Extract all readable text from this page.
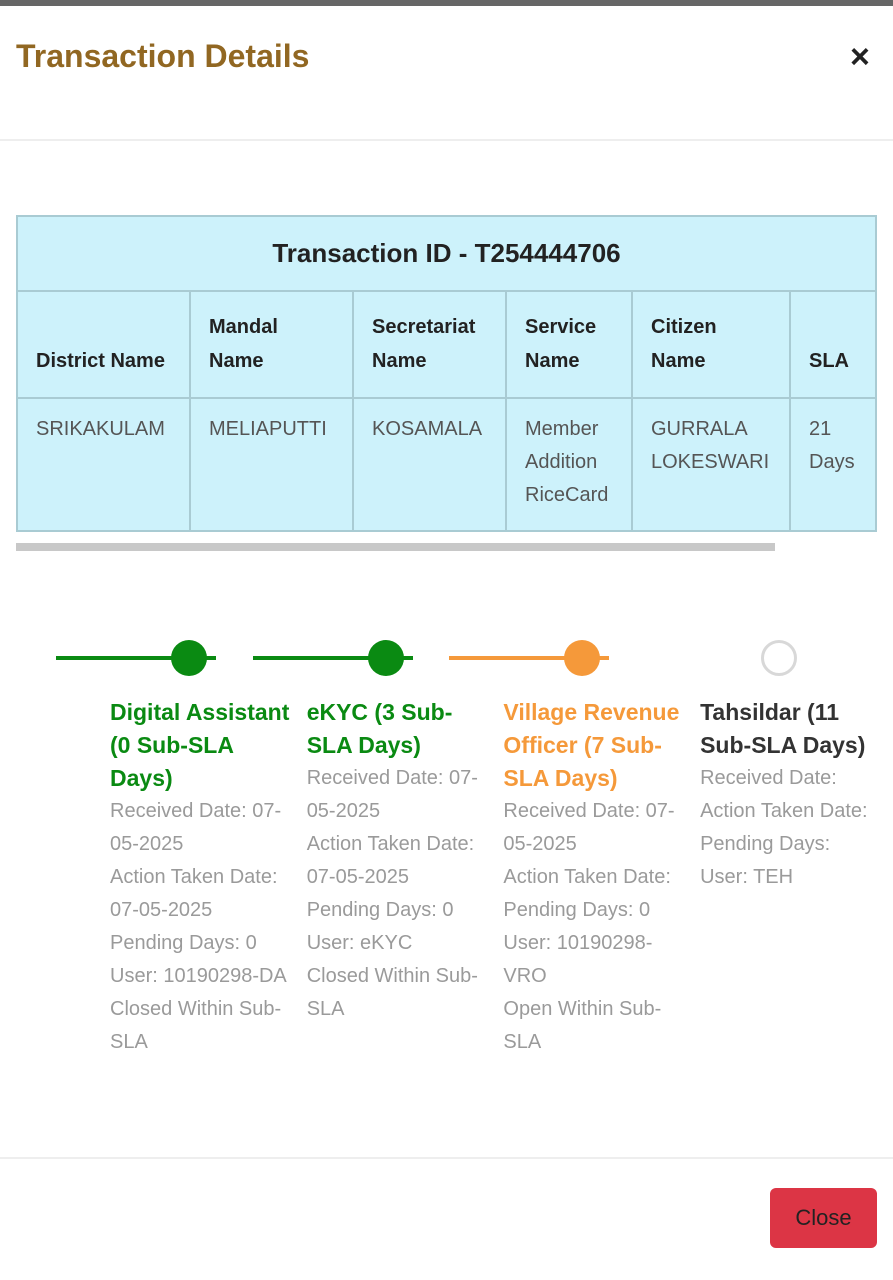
Transaction Details	×
Transaction ID - T254444706					
District Name	Mandal Name	Secretariat Name	Service Name	Citizen Name	SLA
SRIKAKULAM	MELIAPUTTI	KOSAMALA	Member Addition RiceCard	GURRALA LOKESWARI	21 Days
Digital Assistant (0 Sub-SLA Days)
Received Date: 07-05-2025
Action Taken Date: 07-05-2025
Pending Days: 0
User: 10190298-DA
Closed Within Sub-SLA
eKYC (3 Sub-SLA Days)
Received Date: 07-05-2025
Action Taken Date: 07-05-2025
Pending Days: 0
User: eKYC
Closed Within Sub-SLA
Village Revenue Officer (7 Sub-SLA Days)
Received Date: 07-05-2025
Action Taken Date:
Pending Days: 0
User: 10190298-VRO
Open Within Sub-SLA
Tahsildar (11 Sub-SLA Days)
Received Date:
Action Taken Date:
Pending Days:
User: TEH
Close
